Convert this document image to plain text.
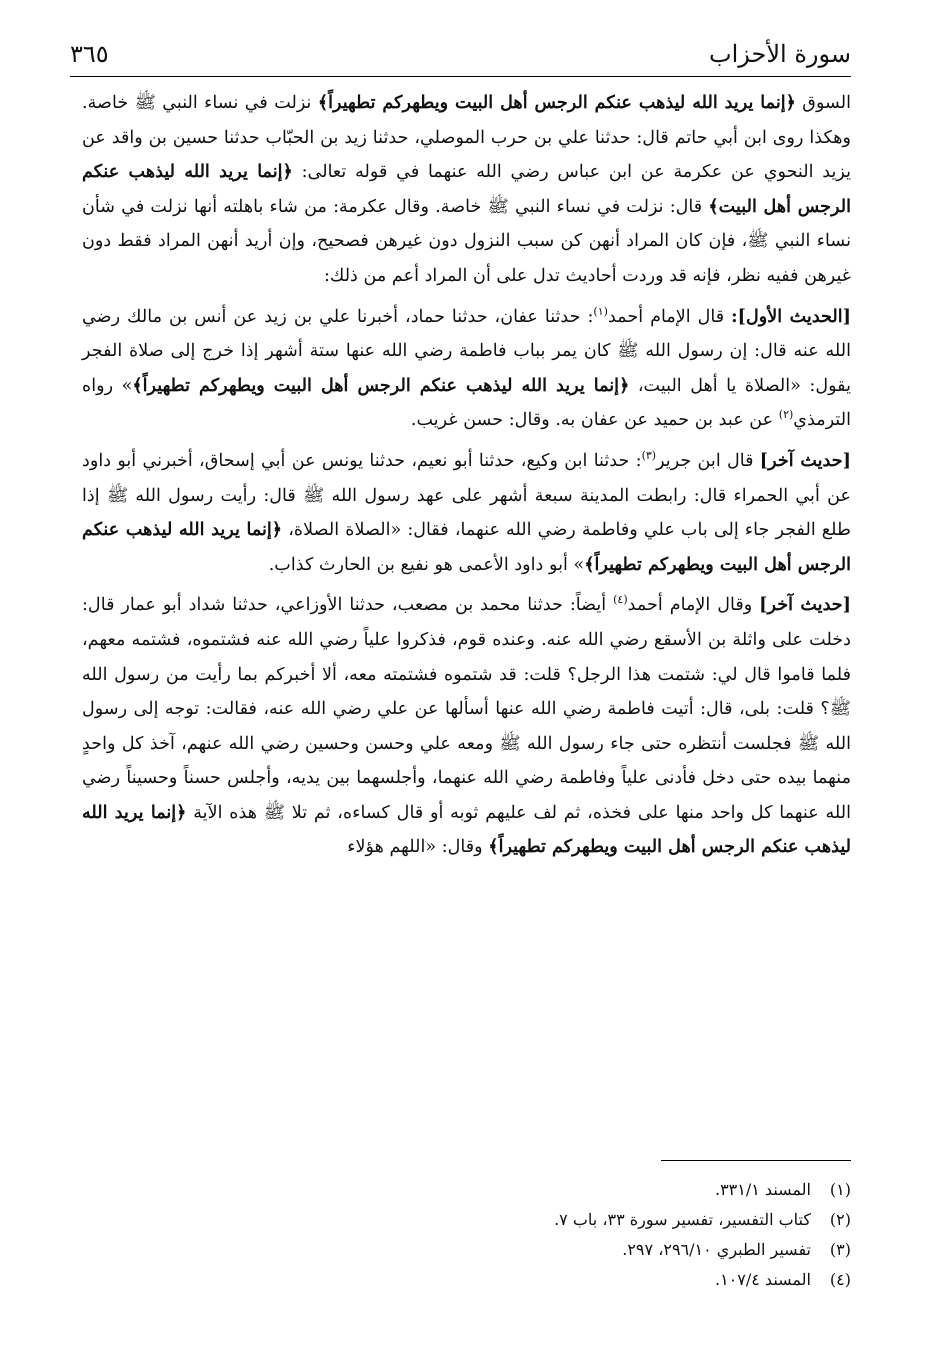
سورة الأحزاب
٣٦٥

السوق ﴿إنما يريد الله ليذهب عنكم الرجس أهل البيت ويطهركم تطهيراً﴾ نزلت في نساء النبي ﷺ خاصة. وهكذا روى ابن أبي حاتم قال: حدثنا علي بن حرب الموصلي، حدثنا زيد بن الحبّاب حدثنا حسين بن واقد عن يزيد النحوي عن عكرمة عن ابن عباس رضي الله عنهما في قوله تعالى: ﴿إنما يريد الله ليذهب عنكم الرجس أهل البيت﴾ قال: نزلت في نساء النبي ﷺ خاصة. وقال عكرمة: من شاء باهلته أنها نزلت في شأن نساء النبي ﷺ، فإن كان المراد أنهن كن سبب النزول دون غيرهن فصحيح، وإن أريد أنهن المراد فقط دون غيرهن ففيه نظر، فإنه قد وردت أحاديث تدل على أن المراد أعم من ذلك:

[الحديث الأول]: قال الإمام أحمد$^{(١)}$: حدثنا عفان، حدثنا حماد، أخبرنا علي بن زيد عن أنس بن مالك رضي الله عنه قال: إن رسول الله ﷺ كان يمر بباب فاطمة رضي الله عنها ستة أشهر إذا خرج إلى صلاة الفجر يقول: «الصلاة يا أهل البيت، ﴿إنما يريد الله ليذهب عنكم الرجس أهل البيت ويطهركم تطهيراً﴾» رواه الترمذي$^{(٢)}$ عن عبد بن حميد عن عفان به. وقال: حسن غريب.

[حديث آخر] قال ابن جرير$^{(٣)}$: حدثنا ابن وكيع، حدثنا أبو نعيم، حدثنا يونس عن أبي إسحاق، أخبرني أبو داود عن أبي الحمراء قال: رابطت المدينة سبعة أشهر على عهد رسول الله ﷺ قال: رأيت رسول الله ﷺ إذا طلع الفجر جاء إلى باب علي وفاطمة رضي الله عنهما، فقال: «الصلاة الصلاة، ﴿إنما يريد الله ليذهب عنكم الرجس أهل البيت ويطهركم تطهيراً﴾» أبو داود الأعمى هو نفيع بن الحارث كذاب.

[حديث آخر] وقال الإمام أحمد$^{(٤)}$ أيضاً: حدثنا محمد بن مصعب، حدثنا الأوزاعي، حدثنا شداد أبو عمار قال: دخلت على واثلة بن الأسقع رضي الله عنه. وعنده قوم، فذكروا علياً رضي الله عنه فشتموه، فشتمه معهم، فلما قاموا قال لي: شتمت هذا الرجل؟ قلت: قد شتموه فشتمته معه، ألا أخبركم بما رأيت من رسول الله ﷺ؟ قلت: بلى، قال: أتيت فاطمة رضي الله عنها أسألها عن علي رضي الله عنه، فقالت: توجه إلى رسول الله ﷺ فجلست أنتظره حتى جاء رسول الله ﷺ ومعه علي وحسن وحسين رضي الله عنهم، آخذ كل واحدٍ منهما بيده حتى دخل فأدنى علياً وفاطمة رضي الله عنهما، وأجلسهما بين يديه، وأجلس حسناً وحسيناً رضي الله عنهما كل واحد منها على فخذه، ثم لف عليهم ثوبه أو قال كساءه، ثم تلا ﷺ هذه الآية ﴿إنما يريد الله ليذهب عنكم الرجس أهل البيت ويطهركم تطهيراً﴾ وقال: «اللهم هؤلاء

(١)المسند ٣٣١/١.
(٢)كتاب التفسير، تفسير سورة ٣٣، باب ٧.
(٣)تفسير الطبري ٢٩٦/١٠، ٢٩٧.
(٤)المسند ١٠٧/٤.
